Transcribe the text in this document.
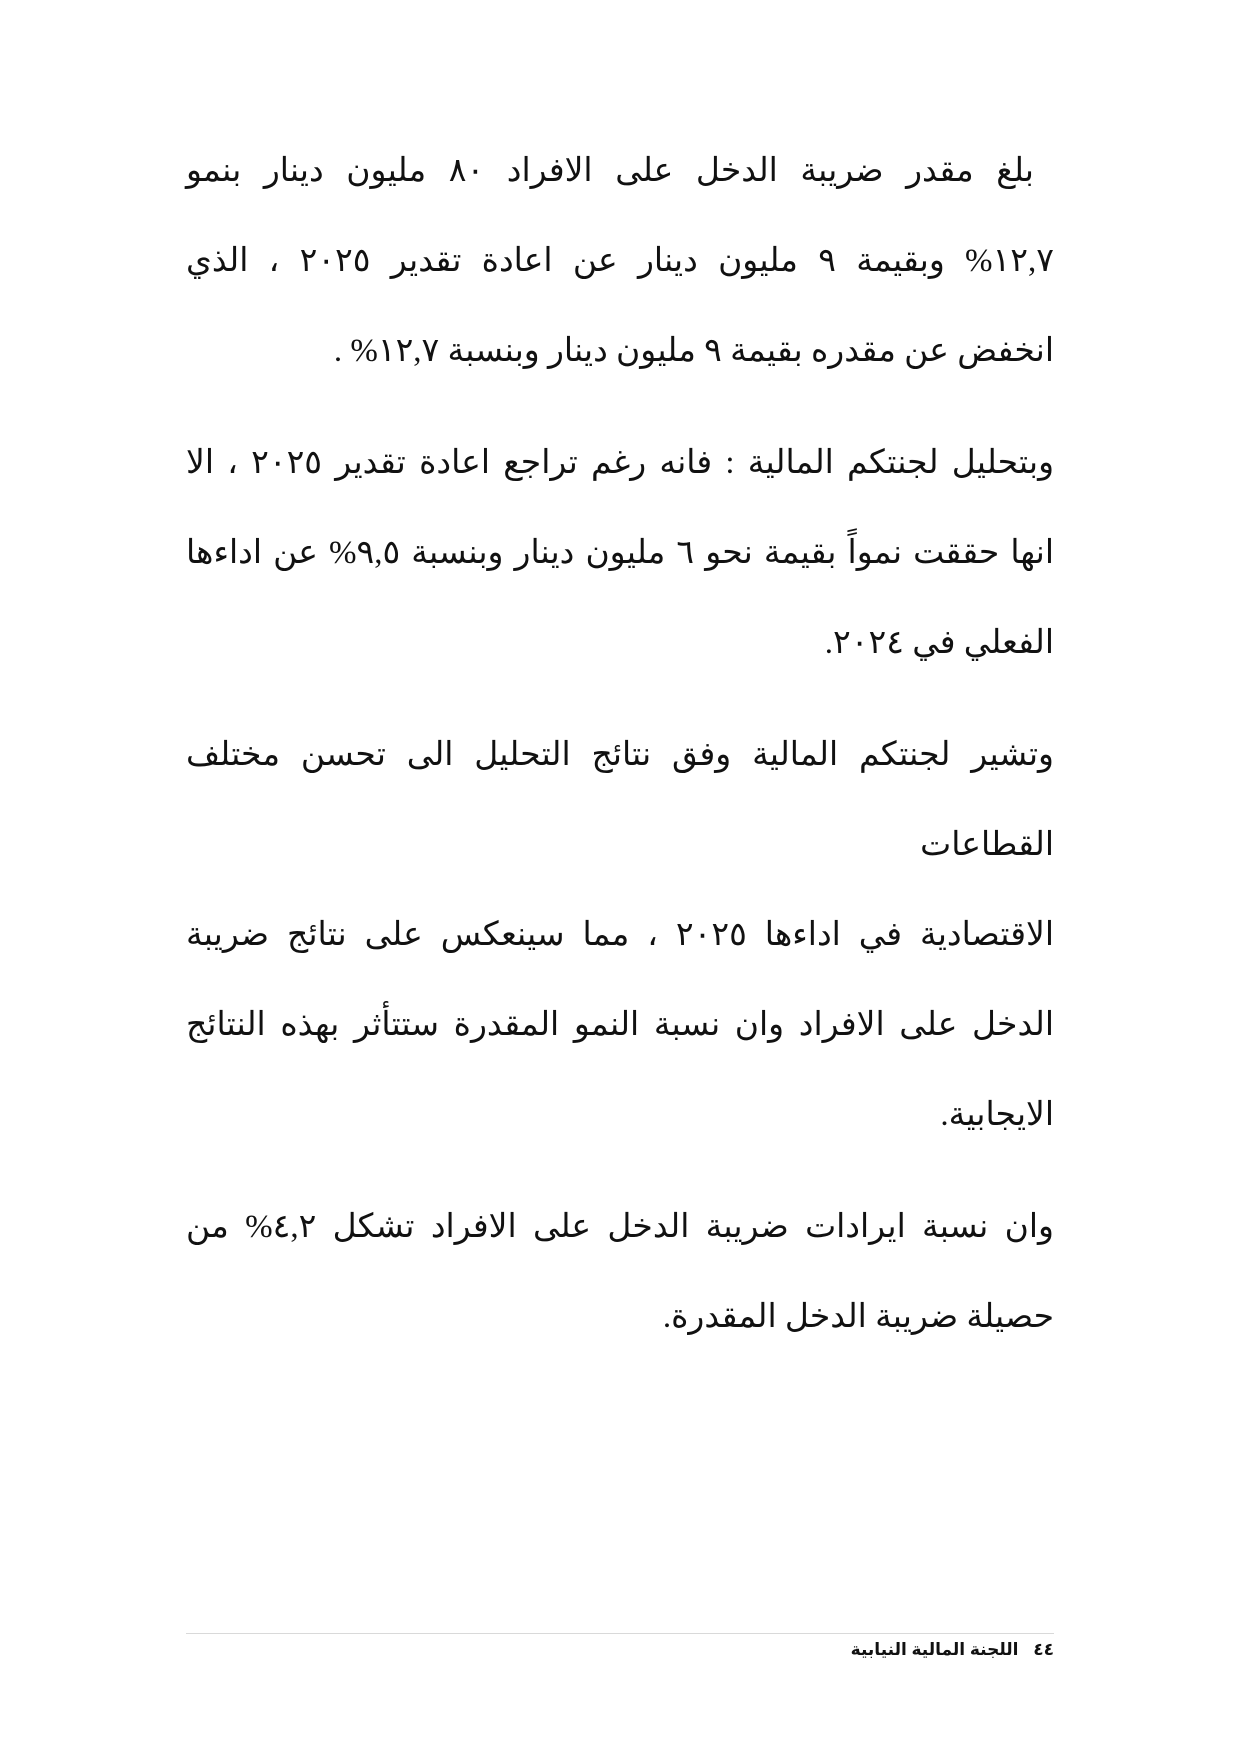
بلغ مقدر ضريبة الدخل على الافراد ٨٠ مليون دينار بنمو
١٢,٧% وبقيمة ٩ مليون دينار عن اعادة تقدير ٢٠٢٥ ، الذي
انخفض عن مقدره بقيمة ٩ مليون دينار وبنسبة ١٢,٧% .

وبتحليل لجنتكم المالية : فانه رغم تراجع اعادة تقدير ٢٠٢٥ ، الا
انها حققت نمواً بقيمة نحو ٦ مليون دينار وبنسبة ٩,٥% عن اداءها
الفعلي في ٢٠٢٤.

وتشير لجنتكم المالية وفق نتائج التحليل الى تحسن مختلف القطاعات
الاقتصادية في اداءها ٢٠٢٥ ، مما سينعكس على نتائج ضريبة
الدخل على الافراد وان نسبة النمو المقدرة ستتأثر بهذه النتائج
الايجابية.

وان نسبة ايرادات ضريبة الدخل على الافراد تشكل ٤,٢% من
حصيلة ضريبة الدخل المقدرة.

٤٤ اللجنة المالية النيابية
